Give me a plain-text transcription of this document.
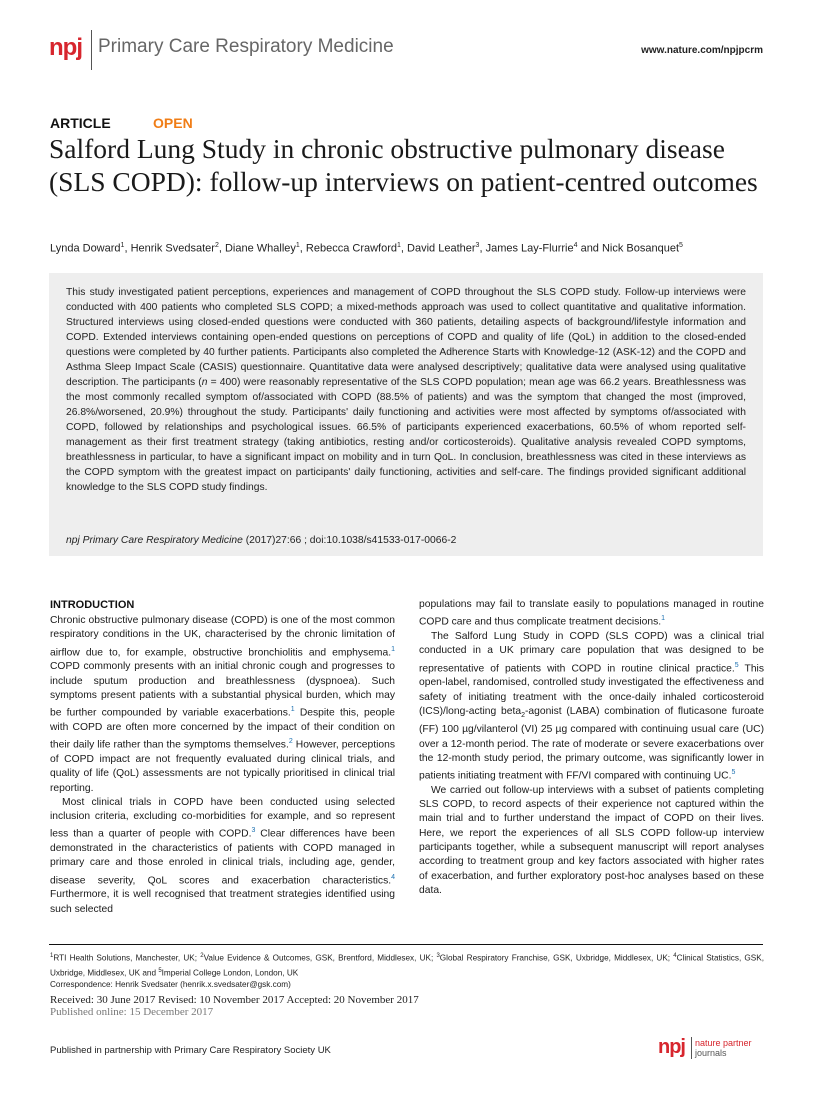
npj Primary Care Respiratory Medicine	www.nature.com/npjpcrm
ARTICLE	OPEN
Salford Lung Study in chronic obstructive pulmonary disease (SLS COPD): follow-up interviews on patient-centred outcomes
Lynda Doward$^1$, Henrik Svedsater$^2$, Diane Whalley$^1$, Rebecca Crawford$^1$, David Leather$^3$, James Lay-Flurrie$^4$ and Nick Bosanquet$^5$
This study investigated patient perceptions, experiences and management of COPD throughout the SLS COPD study. Follow-up interviews were conducted with 400 patients who completed SLS COPD; a mixed-methods approach was used to collect quantitative and qualitative information. Structured interviews using closed-ended questions were conducted with 360 patients, detailing aspects of background/lifestyle information and COPD. Extended interviews containing open-ended questions on perceptions of COPD and quality of life (QoL) in addition to the closed-ended questions were completed by 40 further patients. Participants also completed the Adherence Starts with Knowledge-12 (ASK-12) and the COPD and Asthma Sleep Impact Scale (CASIS) questionnaire. Quantitative data were analysed descriptively; qualitative data were analysed using qualitative description. The participants (n = 400) were reasonably representative of the SLS COPD population; mean age was 66.2 years. Breathlessness was the most commonly recalled symptom of/associated with COPD (88.5% of patients) and was the symptom that changed the most (improved, 26.8%/worsened, 20.9%) throughout the study. Participants' daily functioning and activities were most affected by symptoms of/associated with COPD, followed by relationships and psychological issues. 66.5% of participants experienced exacerbations, 60.5% of whom reported self-management as their first treatment strategy (taking antibiotics, resting and/or corticosteroids). Qualitative analysis revealed COPD symptoms, breathlessness in particular, to have a significant impact on mobility and in turn QoL. In conclusion, breathlessness was cited in these interviews as the COPD symptom with the greatest impact on participants' daily functioning, activities and self-care. The findings provided significant additional knowledge to the SLS COPD study findings.
npj Primary Care Respiratory Medicine (2017)27:66 ; doi:10.1038/s41533-017-0066-2
INTRODUCTION

Chronic obstructive pulmonary disease (COPD) is one of the most common respiratory conditions in the UK, characterised by the chronic limitation of airflow due to, for example, obstructive bronchiolitis and emphysema.$^1$ COPD commonly presents with an initial chronic cough and progresses to include sputum production and breathlessness (dyspnoea). Such symptoms present patients with a substantial physical burden, which may be further compounded by variable exacerbations.$^1$ Despite this, people with COPD are often more concerned by the impact of their condition on their daily life rather than the symptoms themselves.$^2$ However, perceptions of COPD impact are not frequently evaluated during clinical trials, and quality of life (QoL) assessments are not typically prioritised in clinical trial reporting.

Most clinical trials in COPD have been conducted using selected inclusion criteria, excluding co-morbidities for example, and so represent less than a quarter of people with COPD.$^3$ Clear differences have been demonstrated in the characteristics of patients with COPD managed in primary care and those enroled in clinical trials, including age, gender, disease severity, QoL scores and exacerbation characteristics.$^4$ Furthermore, it is well recognised that treatment strategies identified using such selected

populations may fail to translate easily to populations managed in routine COPD care and thus complicate treatment decisions.$^1$

The Salford Lung Study in COPD (SLS COPD) was a clinical trial conducted in a UK primary care population that was designed to be representative of patients with COPD in routine clinical practice.$^5$ This open-label, randomised, controlled study investigated the effectiveness and safety of initiating treatment with the once-daily inhaled corticosteroid (ICS)/long-acting beta$_2$-agonist (LABA) combination of fluticasone furoate (FF) 100 µg/vilanterol (VI) 25 µg compared with continuing usual care (UC) over a 12-month period. The rate of moderate or severe exacerbations over the 12-month study period, the primary outcome, was significantly lower in patients initiating treatment with FF/VI compared with continuing UC.$^5$

We carried out follow-up interviews with a subset of patients completing SLS COPD, to record aspects of their experience not captured within the main trial and to further understand the impact of COPD on their lives. Here, we report the experiences of all SLS COPD follow-up interview participants together, while a subsequent manuscript will report analyses according to treatment group and key factors associated with higher rates of exacerbation, and further exploratory post-hoc analyses based on these data.

$^1$RTI Health Solutions, Manchester, UK; $^2$Value Evidence & Outcomes, GSK, Brentford, Middlesex, UK; $^3$Global Respiratory Franchise, GSK, Uxbridge, Middlesex, UK; $^4$Clinical Statistics, GSK, Uxbridge, Middlesex, UK and $^5$Imperial College London, London, UK
Correspondence: Henrik Svedsater (henrik.x.svedsater@gsk.com)
Received: 30 June 2017 Revised: 10 November 2017 Accepted: 20 November 2017
Published online: 15 December 2017
Published in partnership with Primary Care Respiratory Society UK	npj nature partner
journals
